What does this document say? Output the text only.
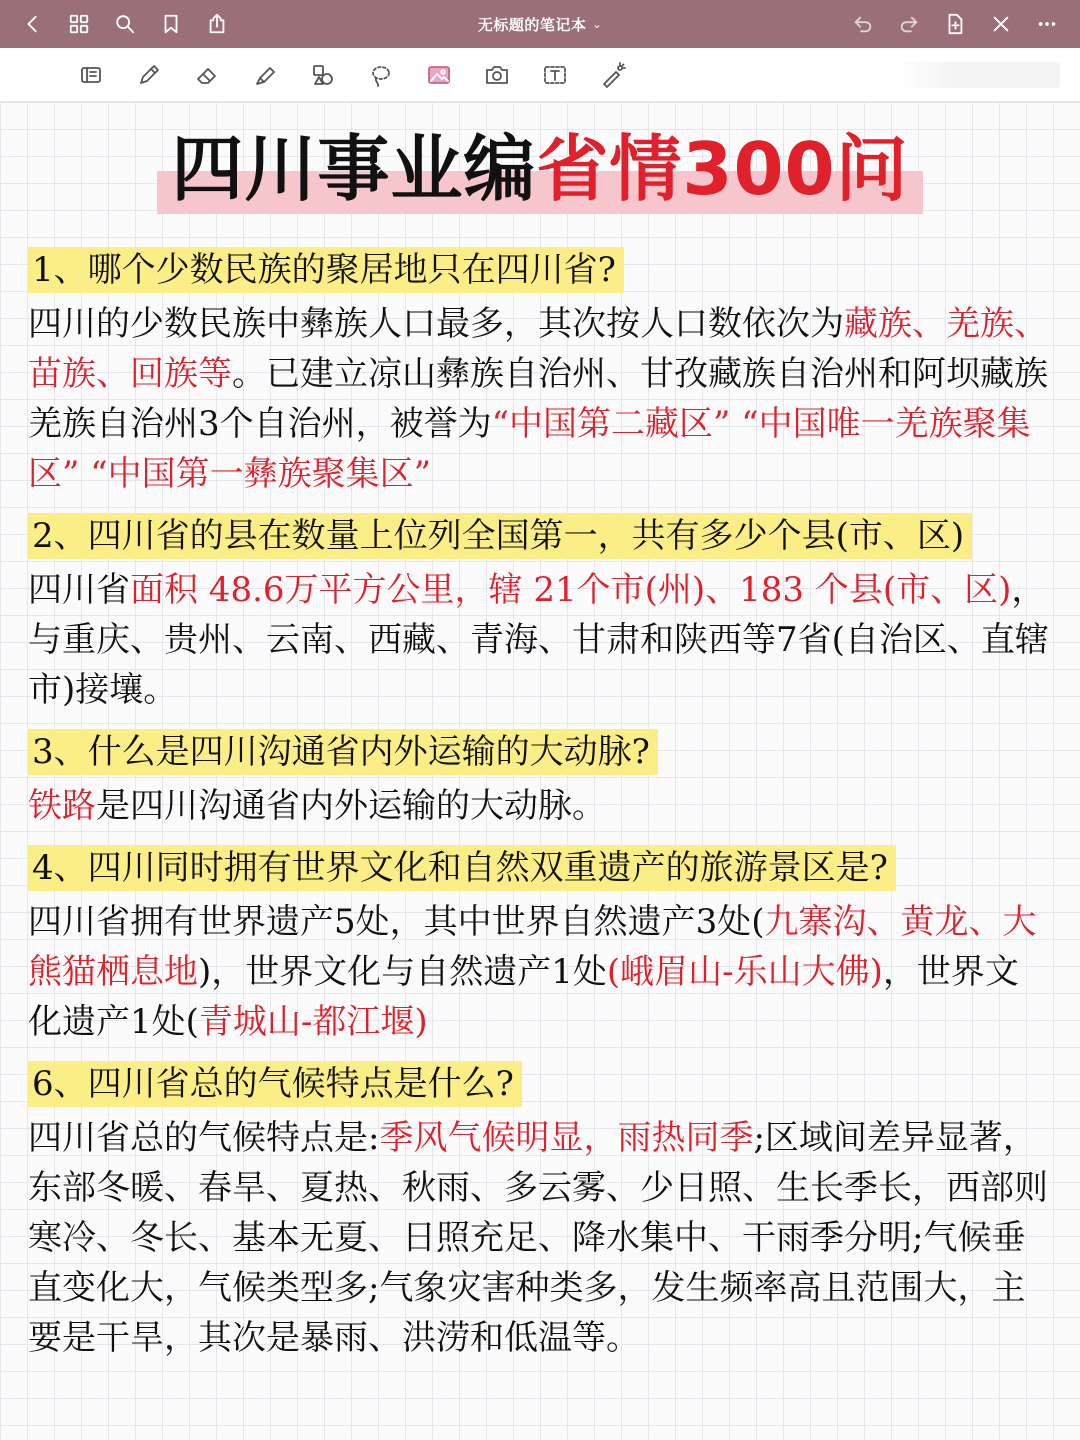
无标题的笔记本 ⌄
四川事业编省情300问
1、哪个少数民族的聚居地只在四川省?
四川的少数民族中彝族人口最多，其次按人口数依次为藏族、羌族、苗族、回族等。已建立凉山彝族自治州、甘孜藏族自治州和阿坝藏族羌族自治州3个自治州，被誉为“中国第二藏区” “中国唯一羌族聚集区” “中国第一彝族聚集区”
2、四川省的县在数量上位列全国第一，共有多少个县(市、区)
四川省面积 48.6万平方公里，辖 21个市(州)、183 个县(市、区)，与重庆、贵州、云南、西藏、青海、甘肃和陕西等7省(自治区、直辖市)接壤。
3、什么是四川沟通省内外运输的大动脉?
铁路是四川沟通省内外运输的大动脉。
4、四川同时拥有世界文化和自然双重遗产的旅游景区是?
四川省拥有世界遗产5处，其中世界自然遗产3处(九寨沟、黄龙、大熊猫栖息地)，世界文化与自然遗产1处(峨眉山-乐山大佛)，世界文化遗产1处(青城山-都江堰)
6、四川省总的气候特点是什么?
四川省总的气候特点是:季风气候明显，雨热同季;区域间差异显著，东部冬暖、春旱、夏热、秋雨、多云雾、少日照、生长季长，西部则寒冷、冬长、基本无夏、日照充足、降水集中、干雨季分明;气候垂直变化大，气候类型多;气象灾害种类多，发生频率高且范围大，主要是干旱，其次是暴雨、洪涝和低温等。
